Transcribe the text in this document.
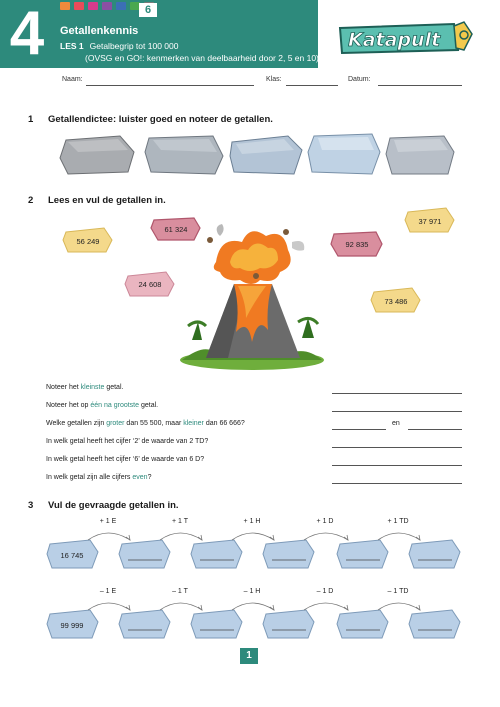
4	6
Getallenkennis
LES 1 Getalbegrip tot 100 000
(OVSG en GO!: kenmerken van deelbaarheid door 2, 5 en 10)
Katapult
Naam:	Klas:	Datum:
1 Getallendictee: luister goed en noteer de getallen.
2 Lees en vul de getallen in.
56 249
61 324
37 971
92 835
24 608
73 486
Noteer het kleinste getal.
Noteer het op één na grootste getal.
Welke getallen zijn groter dan 55 500, maar kleiner dan 66 666?	en
In welk getal heeft het cijfer ‘2’ de waarde van 2 TD?
In welk getal heeft het cijfer ‘6’ de waarde van 6 D?
In welk getal zijn alle cijfers even?
3 Vul de gevraagde getallen in.
16 745
+ 1 E	+ 1 T	+ 1 H	+ 1 D	+ 1 TD
99 999
– 1 E	– 1 T	– 1 H	– 1 D	– 1 TD
1
